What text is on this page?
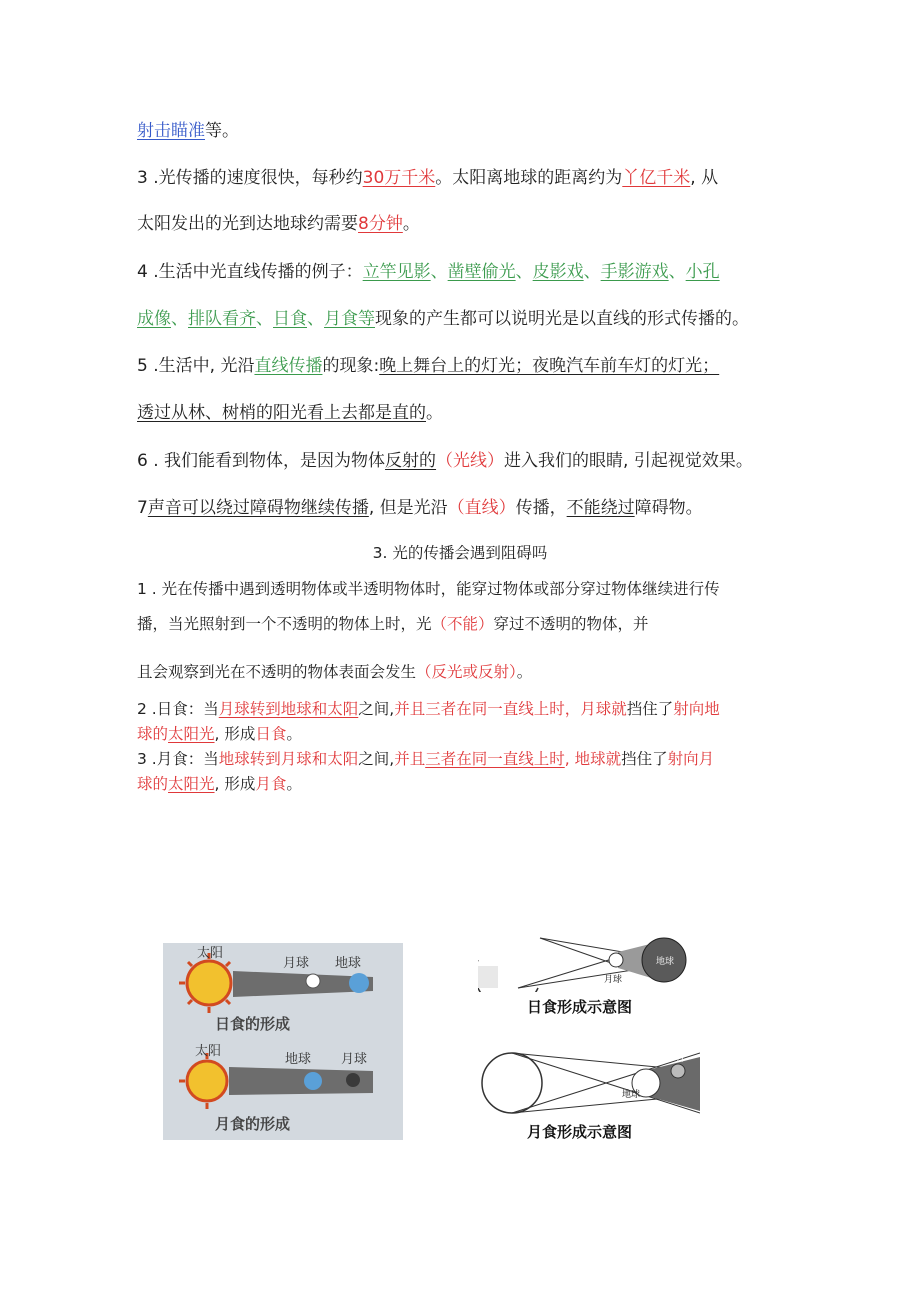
射击瞄准等。
3 .光传播的速度很快，每秒约30万千米。太阳离地球的距离约为丫亿千米, 从
太阳发出的光到达地球约需要8分钟。
4 .生活中光直线传播的例子：立竿见影、凿壁偷光、皮影戏、手影游戏、小孔
成像、排队看齐、日食、月食等现象的产生都可以说明光是以直线的形式传播的。
5 .生活中, 光沿直线传播的现象:晚上舞台上的灯光；夜晚汽车前车灯的灯光；
透过从林、树梢的阳光看上去都是直的。
6 . 我们能看到物体，是因为物体反射的（光线）进入我们的眼睛, 引起视觉效果。
7声音可以绕过障碍物继续传播, 但是光沿（直线）传播，不能绕过障碍物。
3. 光的传播会遇到阻碍吗
1 . 光在传播中遇到透明物体或半透明物体时，能穿过物体或部分穿过物体继续进行传
播，当光照射到一个不透明的物体上时，光（不能）穿过不透明的物体，并
且会观察到光在不透明的物体表面会发生（反光或反射）。
2 .日食：当月球转到地球和太阳之间,并且三者在同一直线上时，月球就挡住了射向地
球的太阳光, 形成日食。
3 .月食：当地球转到月球和太阳之间,并且三者在同一直线上时, 地球就挡住了射向月
球的太阳光, 形成月食。
太阳
月球 地球
日食的形成
太阳
地球 月球
月食的形成
月球
地球
日食形成示意图
地球
月
月食形成示意图
